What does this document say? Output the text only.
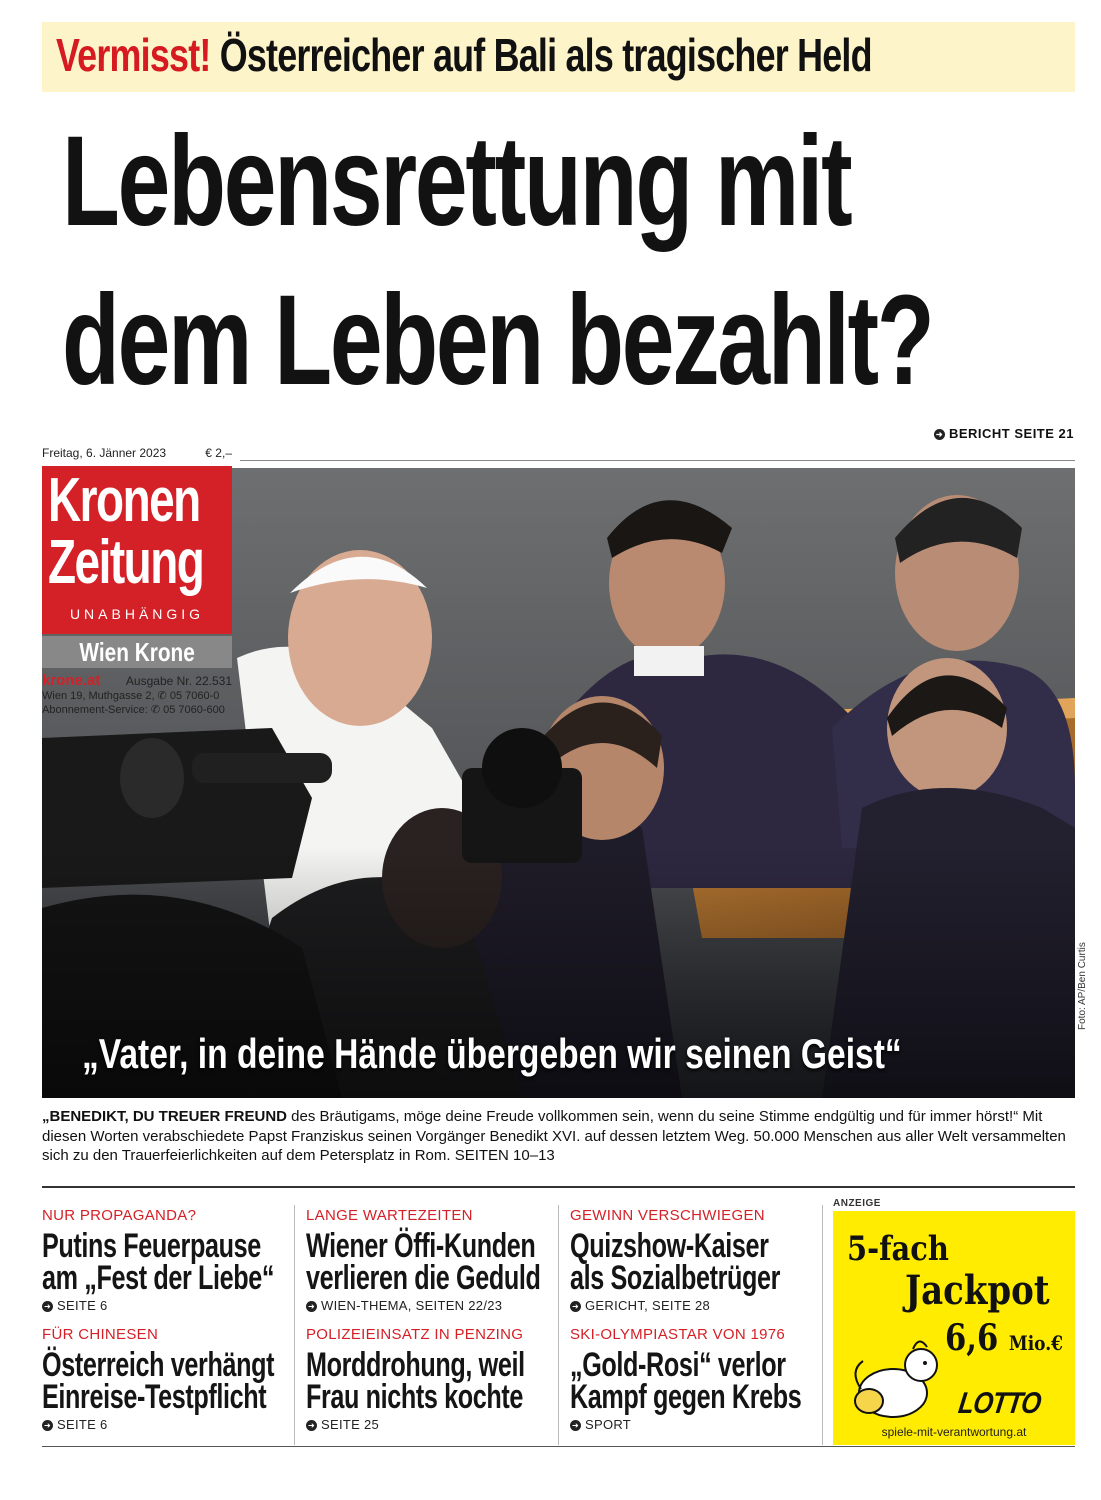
Vermisst! Österreicher auf Bali als tragischer Held
Lebensrettung mit
dem Leben bezahlt?
➜ BERICHT SEITE 21
Freitag, 6. Jänner 2023	€ 2,–
„Vater, in deine Hände übergeben wir seinen Geist“
Kronen
Zeitung
UNABHÄNGIG
Wien Krone
krone.at Ausgabe Nr. 22.531
Wien 19, Muthgasse 2, ✆ 05 7060-0
Abonnement-Service: ✆ 05 7060-600
Foto: AP/Ben Curtis
„BENEDIKT, DU TREUER FREUND des Bräutigams, möge deine Freude vollkommen sein, wenn du seine Stimme endgültig und für immer hörst!“ Mit diesen Worten verabschiedete Papst Franziskus seinen Vorgänger Benedikt XVI. auf dessen letztem Weg. 50.000 Menschen aus aller Welt versammelten sich zu den Trauerfeierlichkeiten auf dem Petersplatz in Rom. SEITEN 10–13
NUR PROPAGANDA?
Putins Feuerpause
am „Fest der Liebe“
➜ SEITE 6
LANGE WARTEZEITEN
Wiener Öffi-Kunden
verlieren die Geduld
➜ WIEN-THEMA, SEITEN 22/23
GEWINN VERSCHWIEGEN
Quizshow-Kaiser
als Sozialbetrüger
➜ GERICHT, SEITE 28
FÜR CHINESEN
Österreich verhängt
Einreise-Testpflicht
➜ SEITE 6
POLIZEIEINSATZ IN PENZING
Morddrohung, weil
Frau nichts kochte
➜ SEITE 25
SKI-OLYMPIASTAR VON 1976
„Gold-Rosi“ verlor
Kampf gegen Krebs
➜ SPORT
ANZEIGE
5-fach
Jackpot
6,6 Mio.€
LOTTO
spiele-mit-verantwortung.at
